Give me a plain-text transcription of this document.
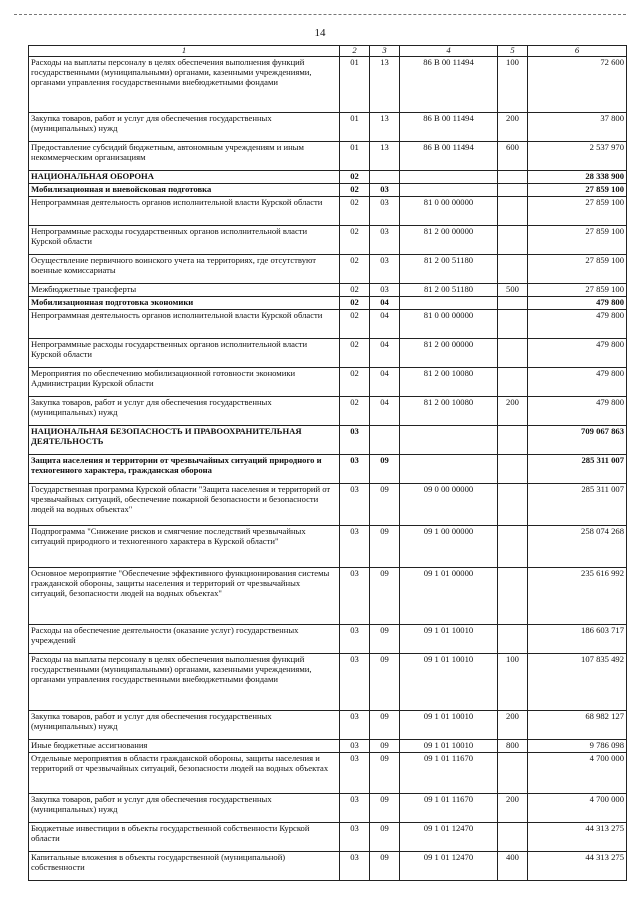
14
1	2	3	4	5	6
Расходы на выплаты персоналу в целях обеспечения выполнения функций государственными (муниципальными) органами, казенными учреждениями, органами управления государственными внебюджетными фондами	01	13	86 В 00 11494	100	72 600
Закупка товаров, работ и услуг для обеспечения государственных (муниципальных) нужд	01	13	86 В 00 11494	200	37 800
Предоставление субсидий бюджетным, автономным учреждениям и иным некоммерческим организациям	01	13	86 В 00 11494	600	2 537 970
НАЦИОНАЛЬНАЯ ОБОРОНА	02				28 338 900
Мобилизационная и вневойсковая подготовка	02	03			27 859 100
Непрограммная деятельность органов исполнительной власти Курской области	02	03	81 0 00 00000		27 859 100
Непрограммные расходы государственных органов исполнительной власти Курской области	02	03	81 2 00 00000		27 859 100
Осуществление первичного воинского учета на территориях, где отсутствуют военные комиссариаты	02	03	81 2 00 51180		27 859 100
Межбюджетные трансферты	02	03	81 2 00 51180	500	27 859 100
Мобилизационная подготовка экономики	02	04			479 800
Непрограммная деятельность органов исполнительной власти Курской области	02	04	81 0 00 00000		479 800
Непрограммные расходы государственных органов исполнительной власти Курской области	02	04	81 2 00 00000		479 800
Мероприятия по обеспечению мобилизационной готовности экономики Администрации Курской области	02	04	81 2 00 10080		479 800
Закупка товаров, работ и услуг для обеспечения государственных (муниципальных) нужд	02	04	81 2 00 10080	200	479 800
НАЦИОНАЛЬНАЯ БЕЗОПАСНОСТЬ И ПРАВООХРАНИТЕЛЬНАЯ ДЕЯТЕЛЬНОСТЬ	03				709 067 863
Защита населения и территории от чрезвычайных ситуаций природного и техногенного характера, гражданская оборона	03	09			285 311 007
Государственная программа Курской области "Защита населения и территорий от чрезвычайных ситуаций, обеспечение пожарной безопасности и безопасности людей на водных объектах"	03	09	09 0 00 00000		285 311 007
Подпрограмма "Снижение рисков и смягчение последствий чрезвычайных ситуаций природного и техногенного характера в Курской области"	03	09	09 1 00 00000		258 074 268
Основное мероприятие "Обеспечение эффективного функционирования системы гражданской обороны, защиты населения и территорий от чрезвычайных ситуаций, безопасности людей на водных объектах"	03	09	09 1 01 00000		235 616 992
Расходы на обеспечение деятельности (оказание услуг) государственных учреждений	03	09	09 1 01 10010		186 603 717
Расходы на выплаты персоналу в целях обеспечения выполнения функций государственными (муниципальными) органами, казенными учреждениями, органами управления государственными внебюджетными фондами	03	09	09 1 01 10010	100	107 835 492
Закупка товаров, работ и услуг для обеспечения государственных (муниципальных) нужд	03	09	09 1 01 10010	200	68 982 127
Иные бюджетные ассигнования	03	09	09 1 01 10010	800	9 786 098
Отдельные мероприятия в области гражданской обороны, защиты населения и территорий от чрезвычайных ситуаций, безопасности людей на водных объектах	03	09	09 1 01 11670		4 700 000
Закупка товаров, работ и услуг для обеспечения государственных (муниципальных) нужд	03	09	09 1 01 11670	200	4 700 000
Бюджетные инвестиции в объекты государственной собственности Курской области	03	09	09 1 01 12470		44 313 275
Капитальные вложения в объекты государственной (муниципальной) собственности	03	09	09 1 01 12470	400	44 313 275
